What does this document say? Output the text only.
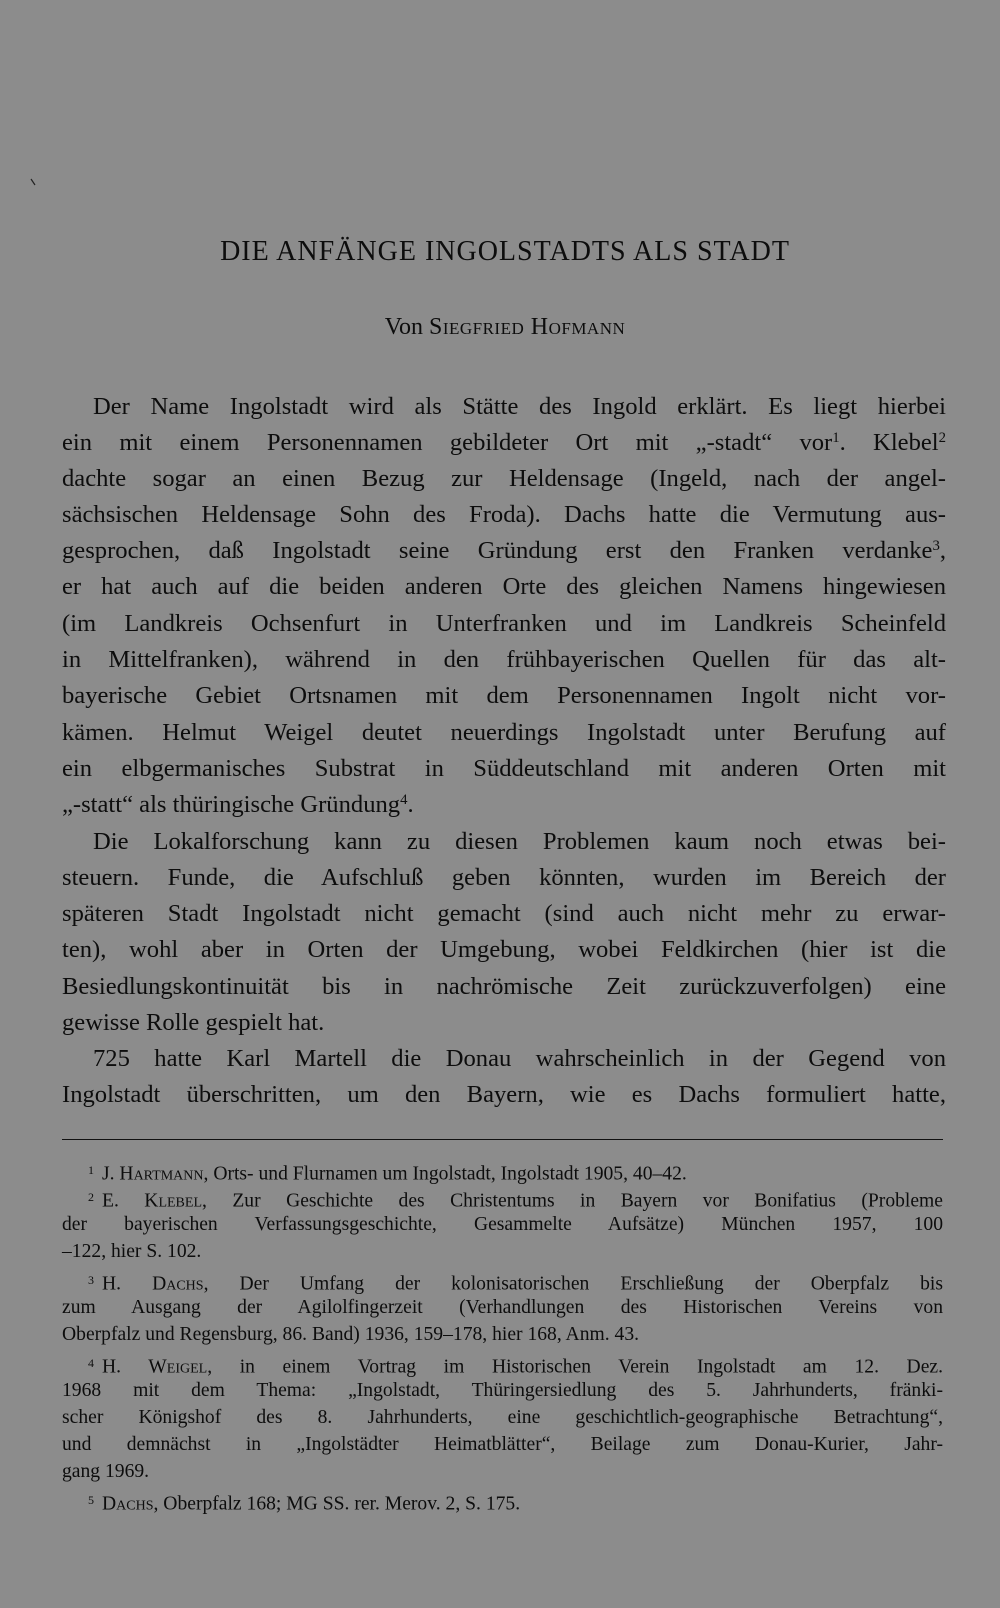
DIE ANFÄNGE INGOLSTADTS ALS STADT
Von Siegfried Hofmann
Der Name Ingolstadt wird als Stätte des Ingold erklärt. Es liegt hierbei
ein mit einem Personennamen gebildeter Ort mit „-stadt“ vor$^1$. Klebel$^2$
dachte sogar an einen Bezug zur Heldensage (Ingeld, nach der angel-
sächsischen Heldensage Sohn des Froda). Dachs hatte die Vermutung aus-
gesprochen, daß Ingolstadt seine Gründung erst den Franken verdanke$^3$,
er hat auch auf die beiden anderen Orte des gleichen Namens hingewiesen
(im Landkreis Ochsenfurt in Unterfranken und im Landkreis Scheinfeld
in Mittelfranken), während in den frühbayerischen Quellen für das alt-
bayerische Gebiet Ortsnamen mit dem Personennamen Ingolt nicht vor-
kämen. Helmut Weigel deutet neuerdings Ingolstadt unter Berufung auf
ein elbgermanisches Substrat in Süddeutschland mit anderen Orten mit
„-statt“ als thüringische Gründung$^4$.
Die Lokalforschung kann zu diesen Problemen kaum noch etwas bei-
steuern. Funde, die Aufschluß geben könnten, wurden im Bereich der
späteren Stadt Ingolstadt nicht gemacht (sind auch nicht mehr zu erwar-
ten), wohl aber in Orten der Umgebung, wobei Feldkirchen (hier ist die
Besiedlungskontinuität bis in nachrömische Zeit zurückzuverfolgen) eine
gewisse Rolle gespielt hat.
725 hatte Karl Martell die Donau wahrscheinlich in der Gegend von
Ingolstadt überschritten, um den Bayern, wie es Dachs formuliert hatte,
1 J. Hartmann, Orts- und Flurnamen um Ingolstadt, Ingolstadt 1905, 40–42.
2 E. Klebel, Zur Geschichte des Christentums in Bayern vor Bonifatius (Probleme
der bayerischen Verfassungsgeschichte, Gesammelte Aufsätze) München 1957, 100
–122, hier S. 102.
3 H. Dachs, Der Umfang der kolonisatorischen Erschließung der Oberpfalz bis
zum Ausgang der Agilolfingerzeit (Verhandlungen des Historischen Vereins von
Oberpfalz und Regensburg, 86. Band) 1936, 159–178, hier 168, Anm. 43.
4 H. Weigel, in einem Vortrag im Historischen Verein Ingolstadt am 12. Dez.
1968 mit dem Thema: „Ingolstadt, Thüringersiedlung des 5. Jahrhunderts, fränki-
scher Königshof des 8. Jahrhunderts, eine geschichtlich-geographische Betrachtung“,
und demnächst in „Ingolstädter Heimatblätter“, Beilage zum Donau-Kurier, Jahr-
gang 1969.
5 Dachs, Oberpfalz 168; MG SS. rer. Merov. 2, S. 175.
